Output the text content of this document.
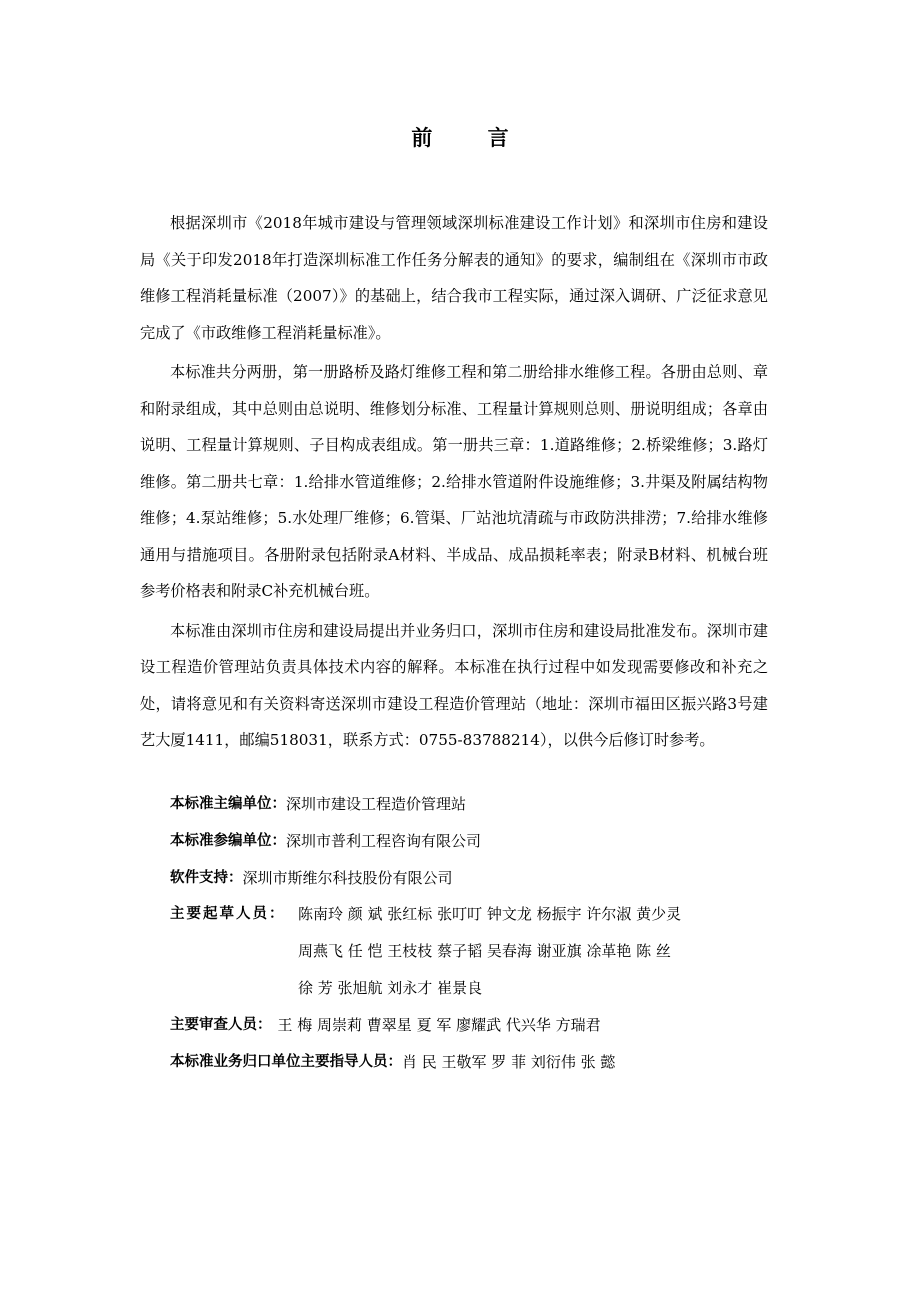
前 言

根据深圳市《2018年城市建设与管理领域深圳标准建设工作计划》和深圳市住房和建设局《关于印发2018年打造深圳标准工作任务分解表的通知》的要求，编制组在《深圳市市政维修工程消耗量标准（2007）》的基础上，结合我市工程实际，通过深入调研、广泛征求意见完成了《市政维修工程消耗量标准》。

本标准共分两册，第一册路桥及路灯维修工程和第二册给排水维修工程。各册由总则、章和附录组成，其中总则由总说明、维修划分标准、工程量计算规则总则、册说明组成；各章由说明、工程量计算规则、子目构成表组成。第一册共三章：1.道路维修；2.桥梁维修；3.路灯维修。第二册共七章：1.给排水管道维修；2.给排水管道附件设施维修；3.井渠及附属结构物维修；4.泵站维修；5.水处理厂维修；6.管渠、厂站池坑清疏与市政防洪排涝；7.给排水维修通用与措施项目。各册附录包括附录A材料、半成品、成品损耗率表；附录B材料、机械台班参考价格表和附录C补充机械台班。

本标准由深圳市住房和建设局提出并业务归口，深圳市住房和建设局批准发布。深圳市建设工程造价管理站负责具体技术内容的解释。本标准在执行过程中如发现需要修改和补充之处，请将意见和有关资料寄送深圳市建设工程造价管理站（地址：深圳市福田区振兴路3号建艺大厦1411，邮编518031，联系方式：0755-83788214），以供今后修订时参考。

本标准主编单位： 深圳市建设工程造价管理站
本标准参编单位： 深圳市普利工程咨询有限公司
软件支持： 深圳市斯维尔科技股份有限公司
主要起草人员： 陈南玲 颜 斌 张红标 张叮叮 钟文龙 杨振宇 许尔淑 黄少灵
周燕飞 任 恺 王枝枝 蔡子韬 吴春海 谢亚旗 凃革艳 陈 丝
徐 芳 张旭航 刘永才 崔景良
主要审查人员： 王 梅 周崇莉 曹翠星 夏 军 廖耀武 代兴华 方瑞君
本标准业务归口单位主要指导人员： 肖 民 王敬军 罗 菲 刘衍伟 张 懿
